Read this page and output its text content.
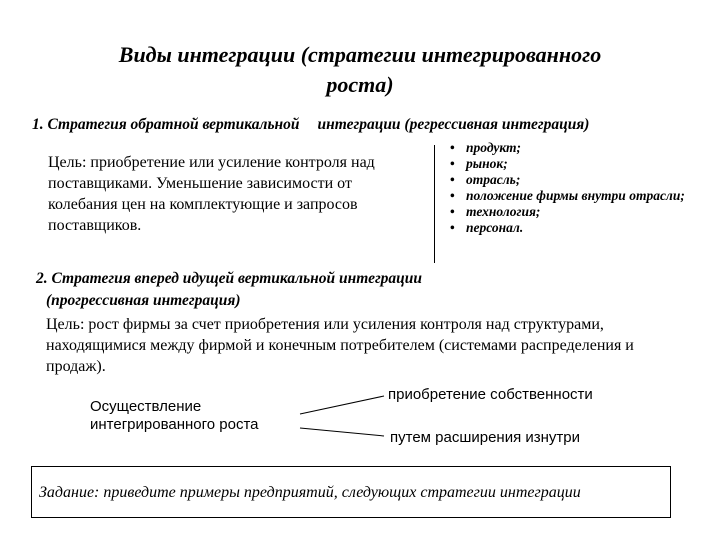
Виды интеграции (стратегии интегрированного
роста)
1. Стратегия обратной вертикальной интеграции (регрессивная интеграция)
Цель: приобретение или усиление контроля над поставщиками. Уменьшение зависимости от колебания цен на комплектующие и запросов поставщиков.
• продукт;
• рынок;
• отрасль;
• положение фирмы внутри отрасли;
• технология;
• персонал.
2. Стратегия вперед идущей вертикальной интеграции
(прогрессивная интеграция)
Цель: рост фирмы за счет приобретения или усиления контроля над структурами, находящимися между фирмой и конечным потребителем (системами распределения и продаж).
Осуществление интегрированного роста
приобретение собственности
путем расширения изнутри
Задание: приведите примеры предприятий, следующих стратегии интеграции
